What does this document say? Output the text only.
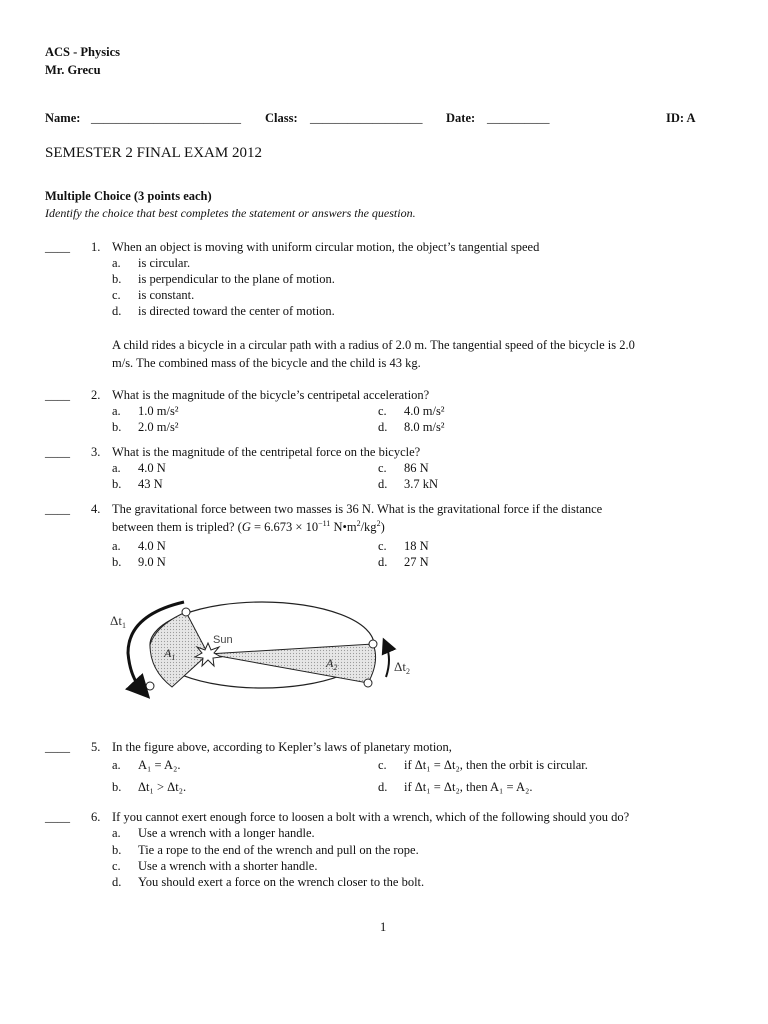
ACS - Physics
Mr. Grecu
Name: ________________________ Class: __________________ Date: __________	ID: A
SEMESTER 2 FINAL EXAM 2012
Multiple Choice (3 points each)
Identify the choice that best completes the statement or answers the question.
____ 1. When an object is moving with uniform circular motion, the object’s tangential speed
a. is circular.
b. is perpendicular to the plane of motion.
c. is constant.
d. is directed toward the center of motion.
A child rides a bicycle in a circular path with a radius of 2.0 m. The tangential speed of the bicycle is 2.0
m/s. The combined mass of the bicycle and the child is 43 kg.
____ 2. What is the magnitude of the bicycle’s centripetal acceleration?
a. 1.0 m/s²
b. 2.0 m/s²
c. 4.0 m/s²
d. 8.0 m/s²
____ 3. What is the magnitude of the centripetal force on the bicycle?
a. 4.0 N
b. 43 N
c. 86 N
d. 3.7 kN
____ 4. The gravitational force between two masses is 36 N. What is the gravitational force if the distance
between them is tripled? ($G = 6.673 \times 10^{-11}$ $N•m^2/kg^2$)
a. 4.0 N
b. 9.0 N
c. 18 N
d. 27 N
$\Delta t_1$
Sun
$A_1$	$A_2$	$\Delta t_2$
____ 5. In the figure above, according to Kepler’s laws of planetary motion,
a. A₁ = A₂.
b. Δt₁ > Δt₂.
c. if Δt₁ = Δt₂, then the orbit is circular.
d. if Δt₁ = Δt₂, then A₁ = A₂.
____ 6. If you cannot exert enough force to loosen a bolt with a wrench, which of the following should you do?
a. Use a wrench with a longer handle.
b. Tie a rope to the end of the wrench and pull on the rope.
c. Use a wrench with a shorter handle.
d. You should exert a force on the wrench closer to the bolt.
1
